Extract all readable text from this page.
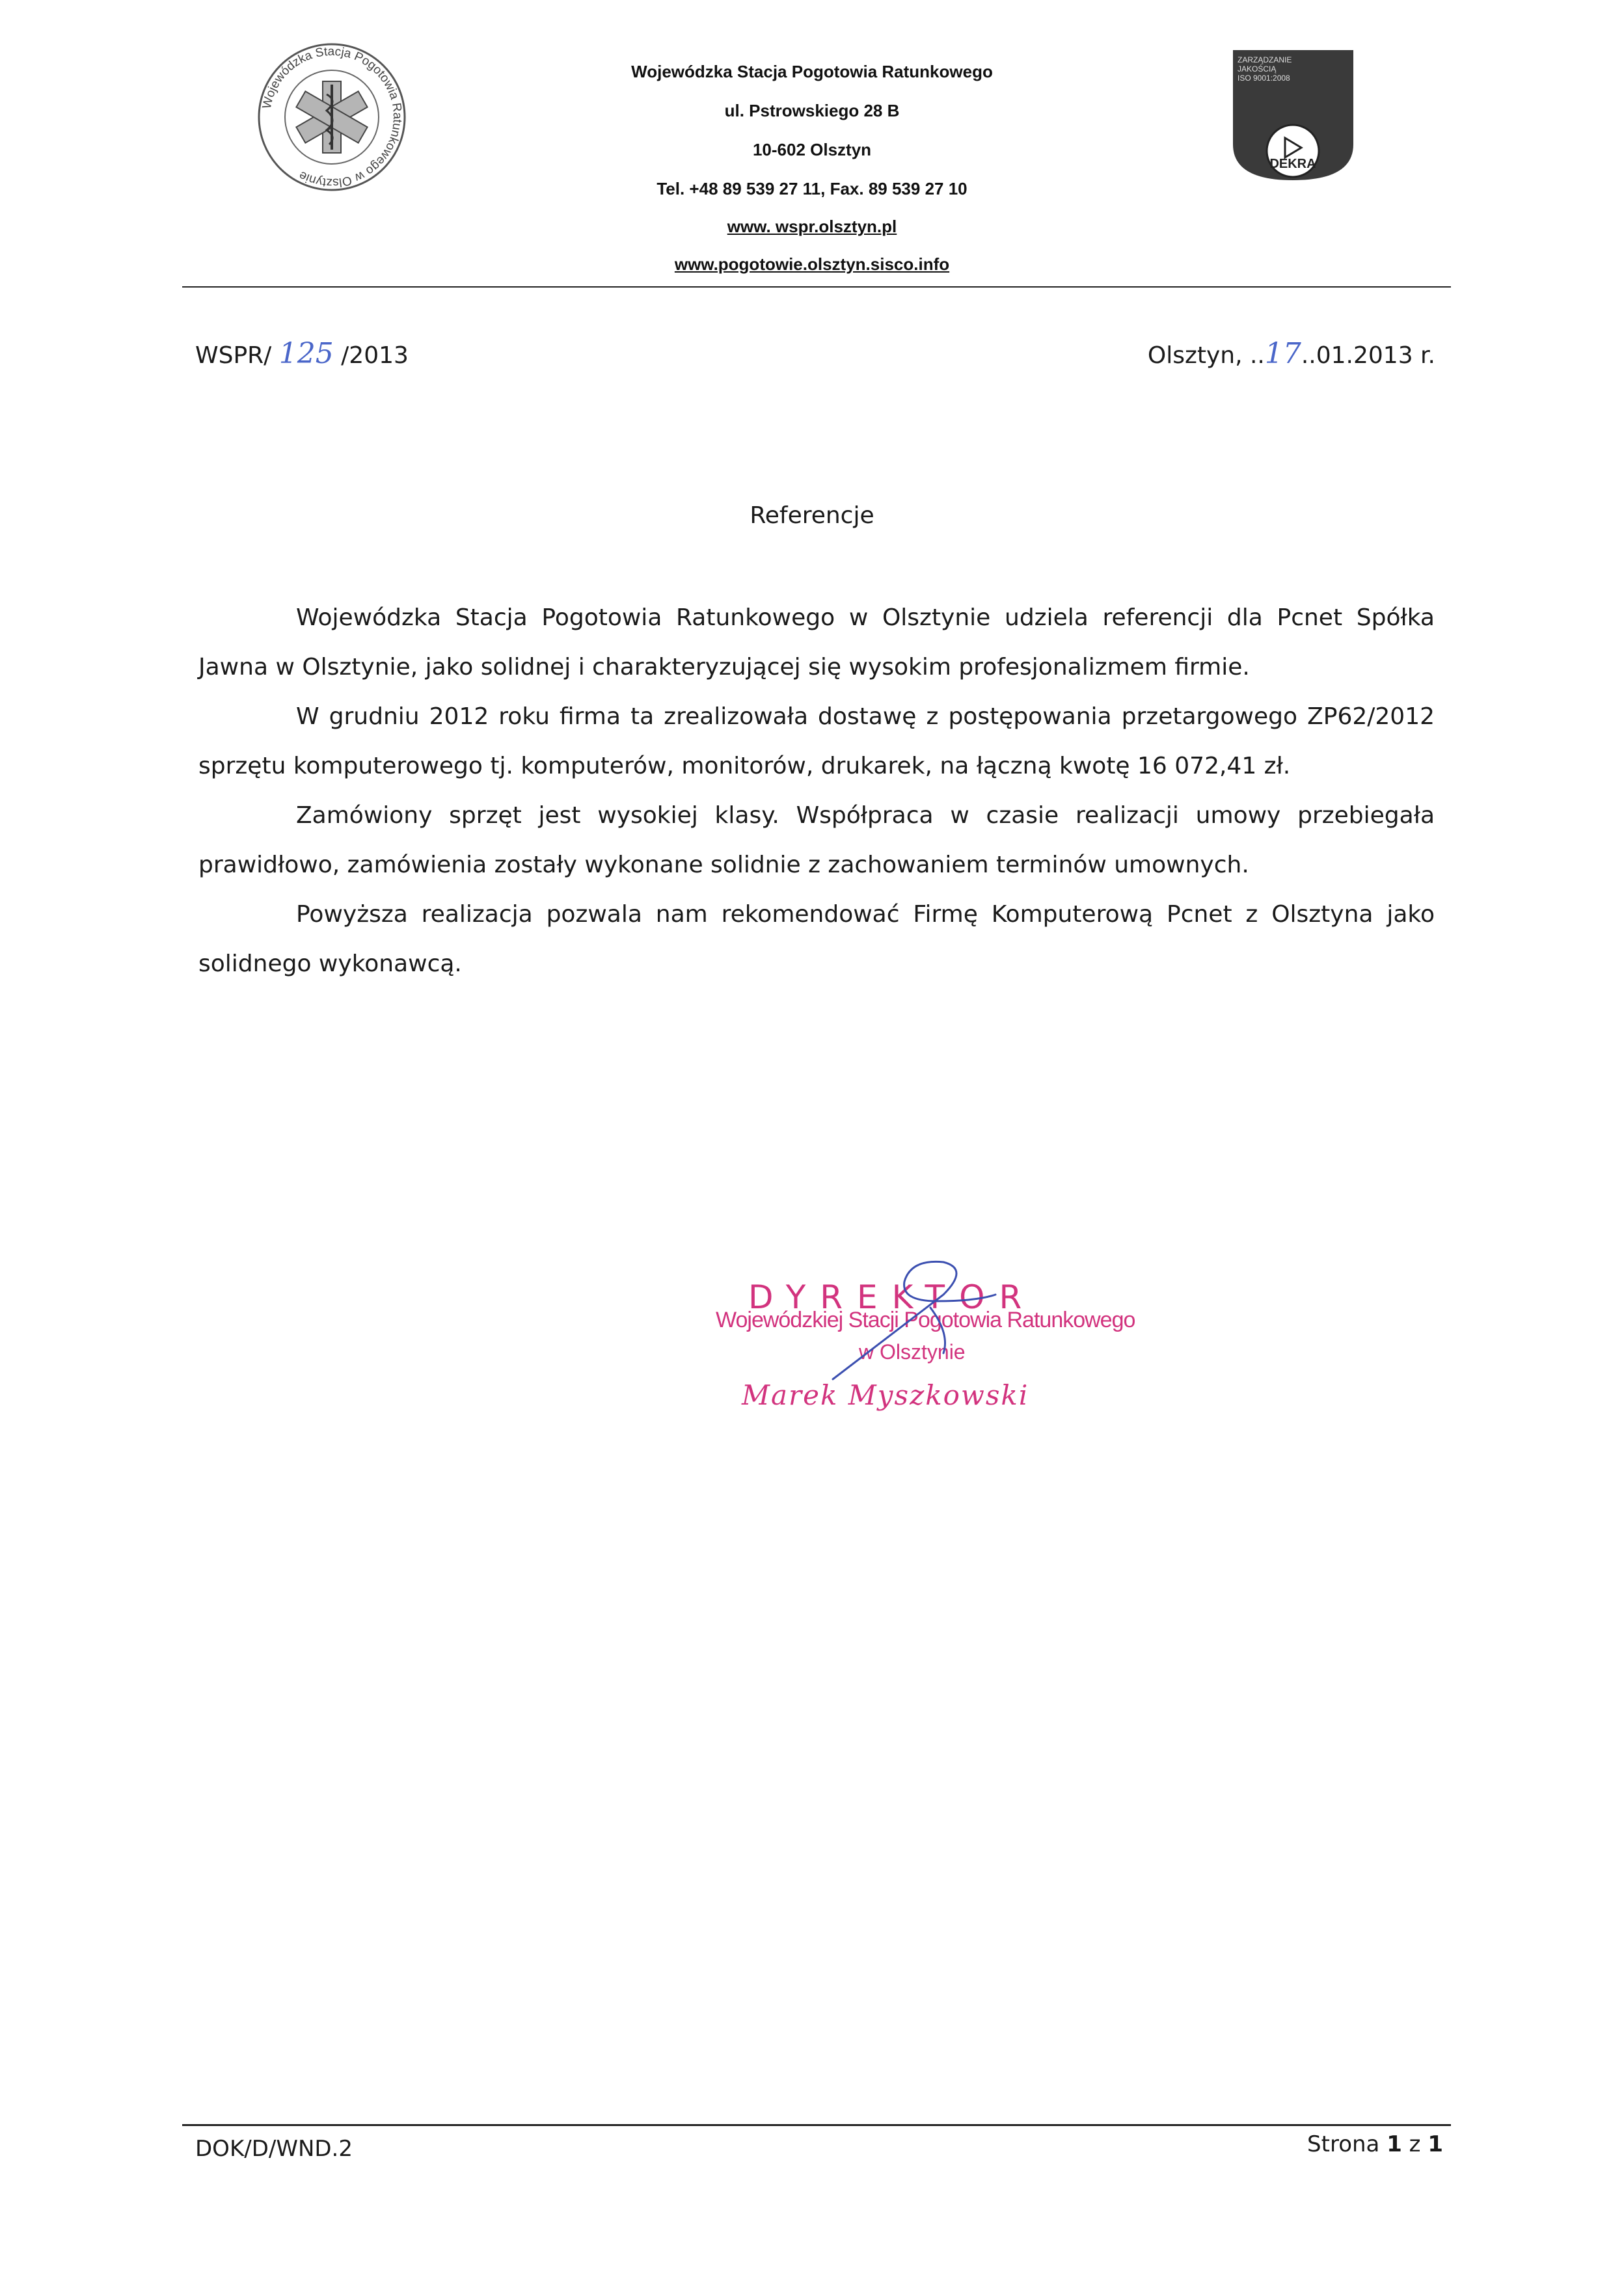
Wojewódzka Stacja Pogotowia Ratunkowego w Olsztynie
ZARZĄDZANIE
JAKOŚCIĄ
ISO 9001:2008
DEKRA
Wojewódzka Stacja Pogotowia Ratunkowego
ul. Pstrowskiego 28 B
10-602 Olsztyn
Tel. +48 89 539 27 11, Fax. 89 539 27 10
www. wspr.olsztyn.pl
www.pogotowie.olsztyn.sisco.info
WSPR/ 125 /2013	Olsztyn, ..17..01.2013 r.
Referencje
Wojewódzka Stacja Pogotowia Ratunkowego w Olsztynie udziela referencji dla Pcnet Spółka Jawna w Olsztynie, jako solidnej i charakteryzującej się wysokim profesjonalizmem firmie.
W grudniu 2012 roku firma ta zrealizowała dostawę z postępowania przetargowego ZP62/2012 sprzętu komputerowego tj. komputerów, monitorów, drukarek, na łączną kwotę 16 072,41 zł.
Zamówiony sprzęt jest wysokiej klasy. Współpraca w czasie realizacji umowy przebiegała prawidłowo, zamówienia zostały wykonane solidnie z zachowaniem terminów umownych.
Powyższa realizacja pozwala nam rekomendować Firmę Komputerową Pcnet z Olsztyna jako solidnego wykonawcą.
DYREKTOR
Wojewódzkiej Stacji Pogotowia Ratunkowego
w Olsztynie
Marek Myszkowski
DOK/D/WND.2	Strona 1 z 1
